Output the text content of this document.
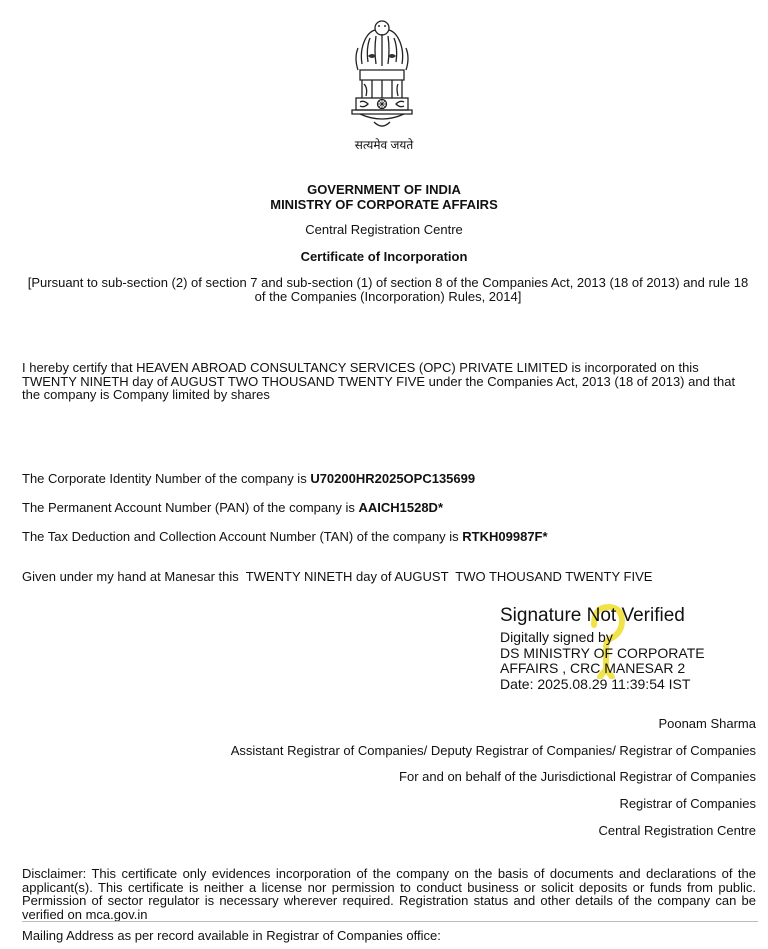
सत्यमेव जयते
GOVERNMENT OF INDIA
MINISTRY OF CORPORATE AFFAIRS
Central Registration Centre
Certificate of Incorporation
[Pursuant to sub-section (2) of section 7 and sub-section (1) of section 8 of the Companies Act, 2013 (18 of 2013) and rule 18 of the Companies (Incorporation) Rules, 2014]
I hereby certify that HEAVEN ABROAD CONSULTANCY SERVICES (OPC) PRIVATE LIMITED is incorporated on this TWENTY NINETH day of AUGUST TWO THOUSAND TWENTY FIVE under the Companies Act, 2013 (18 of 2013) and that the company is Company limited by shares
The Corporate Identity Number of the company is U70200HR2025OPC135699
The Permanent Account Number (PAN) of the company is AAICH1528D*
The Tax Deduction and Collection Account Number (TAN) of the company is RTKH09987F*
Given under my hand at Manesar this  TWENTY NINETH day of AUGUST  TWO THOUSAND TWENTY FIVE
Signature Not Verified
Digitally signed by
DS MINISTRY OF CORPORATE
AFFAIRS , CRC MANESAR 2
Date: 2025.08.29 11:39:54 IST
Poonam Sharma
Assistant Registrar of Companies/ Deputy Registrar of Companies/ Registrar of Companies
For and on behalf of the Jurisdictional Registrar of Companies
Registrar of Companies
Central Registration Centre
Disclaimer: This certificate only evidences incorporation of the company on the basis of documents and declarations of the applicant(s). This certificate is neither a license nor permission to conduct business or solicit deposits or funds from public. Permission of sector regulator is necessary wherever required. Registration status and other details of the company can be verified on mca.gov.in
Mailing Address as per record available in Registrar of Companies office:
